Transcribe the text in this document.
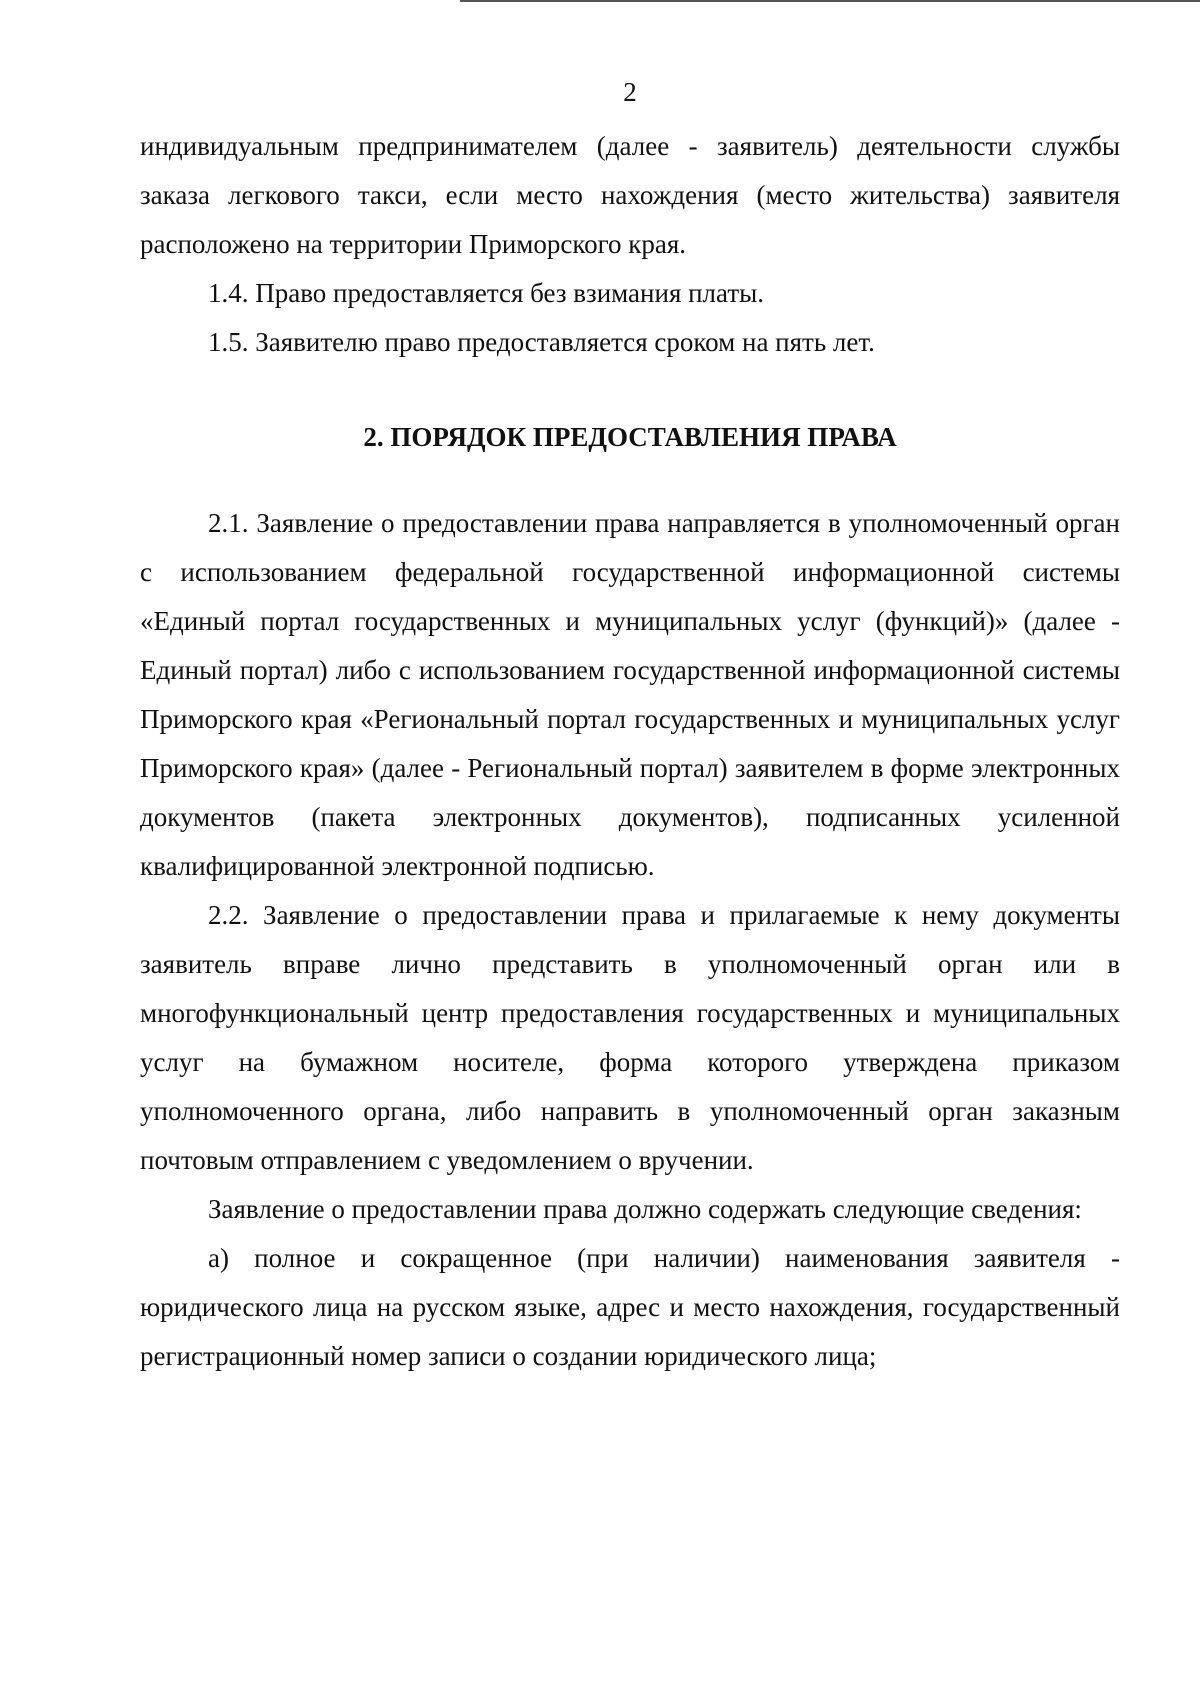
2

индивидуальным предпринимателем (далее - заявитель) деятельности службы заказа легкового такси, если место нахождения (место жительства) заявителя расположено на территории Приморского края.

1.4. Право предоставляется без взимания платы.

1.5. Заявителю право предоставляется сроком на пять лет.

2. ПОРЯДОК ПРЕДОСТАВЛЕНИЯ ПРАВА

2.1. Заявление о предоставлении права направляется в уполномоченный орган с использованием федеральной государственной информационной системы «Единый портал государственных и муниципальных услуг (функций)» (далее - Единый портал) либо с использованием государственной информационной системы Приморского края «Региональный портал государственных и муниципальных услуг Приморского края» (далее - Региональный портал) заявителем в форме электронных документов (пакета электронных документов), подписанных усиленной квалифицированной электронной подписью.

2.2. Заявление о предоставлении права и прилагаемые к нему документы заявитель вправе лично представить в уполномоченный орган или в многофункциональный центр предоставления государственных и муниципальных услуг на бумажном носителе, форма которого утверждена приказом уполномоченного органа, либо направить в уполномоченный орган заказным почтовым отправлением с уведомлением о вручении.

Заявление о предоставлении права должно содержать следующие сведения:

а) полное и сокращенное (при наличии) наименования заявителя - юридического лица на русском языке, адрес и место нахождения, государственный регистрационный номер записи о создании юридического лица;
